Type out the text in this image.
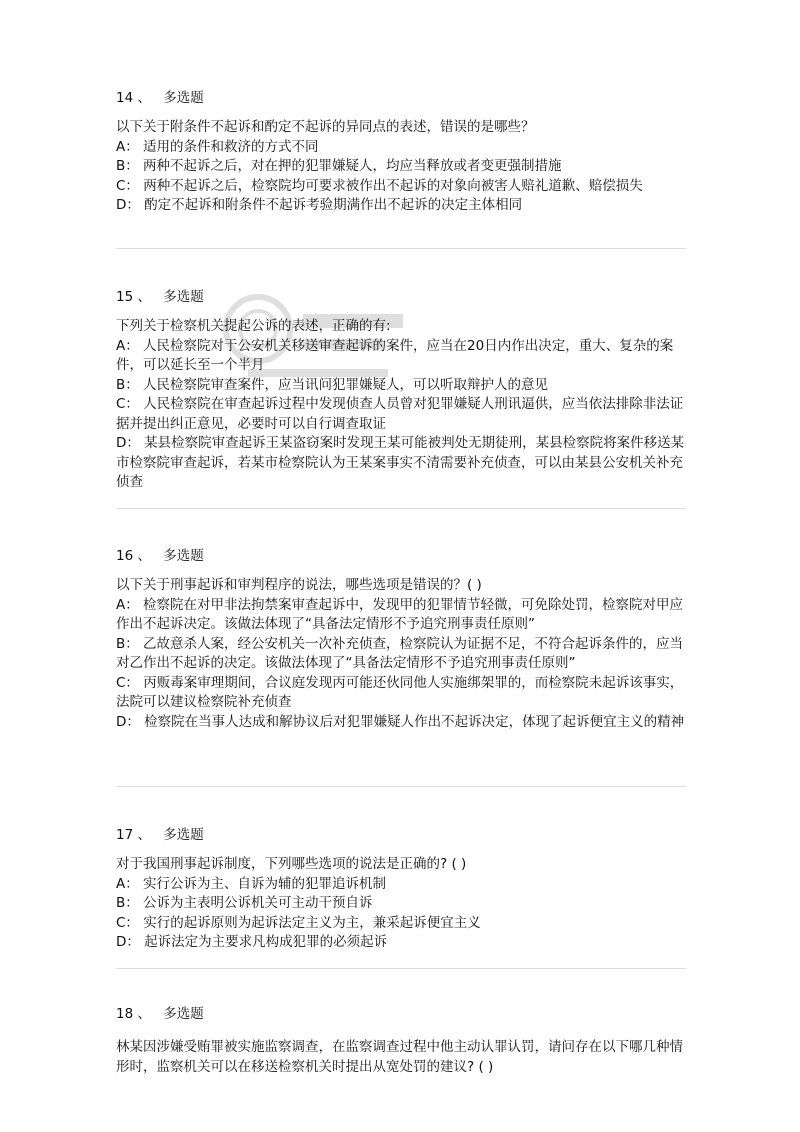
14 、 多选题

以下关于附条件不起诉和酌定不起诉的异同点的表述，错误的是哪些？

A： 适用的条件和救济的方式不同

B： 两种不起诉之后，对在押的犯罪嫌疑人，均应当释放或者变更强制措施

C： 两种不起诉之后，检察院均可要求被作出不起诉的对象向被害人赔礼道歉、赔偿损失

D： 酌定不起诉和附条件不起诉考验期满作出不起诉的决定主体相同

15 、 多选题

下列关于检察机关提起公诉的表述，正确的有:

A： 人民检察院对于公安机关移送审查起诉的案件，应当在20日内作出决定，重大、复杂的案件，可以延长至一个半月

B： 人民检察院审查案件，应当讯问犯罪嫌疑人，可以听取辩护人的意见

C： 人民检察院在审查起诉过程中发现侦查人员曾对犯罪嫌疑人刑讯逼供，应当依法排除非法证据并提出纠正意见，必要时可以自行调查取证

D： 某县检察院审查起诉王某盗窃案时发现王某可能被判处无期徒刑，某县检察院将案件移送某市检察院审查起诉，若某市检察院认为王某案事实不清需要补充侦查，可以由某县公安机关补充侦查

16 、 多选题

以下关于刑事起诉和审判程序的说法，哪些选项是错误的？( )

A： 检察院在对甲非法拘禁案审查起诉中，发现甲的犯罪情节轻微，可免除处罚，检察院对甲应作出不起诉决定。该做法体现了“具备法定情形不予追究刑事责任原则”

B： 乙故意杀人案，经公安机关一次补充侦查，检察院认为证据不足，不符合起诉条件的，应当对乙作出不起诉的决定。该做法体现了“具备法定情形不予追究刑事责任原则”

C： 丙贩毒案审理期间，合议庭发现丙可能还伙同他人实施绑架罪的，而检察院未起诉该事实，法院可以建议检察院补充侦查

D： 检察院在当事人达成和解协议后对犯罪嫌疑人作出不起诉决定，体现了起诉便宜主义的精神

17 、 多选题

对于我国刑事起诉制度，下列哪些选项的说法是正确的? ( )

A： 实行公诉为主、自诉为辅的犯罪追诉机制

B： 公诉为主表明公诉机关可主动干预自诉

C： 实行的起诉原则为起诉法定主义为主，兼采起诉便宜主义

D： 起诉法定为主要求凡构成犯罪的必须起诉

18 、 多选题

林某因涉嫌受贿罪被实施监察调查，在监察调查过程中他主动认罪认罚，请问存在以下哪几种情形时，监察机关可以在移送检察机关时提出从宽处罚的建议? ( )
